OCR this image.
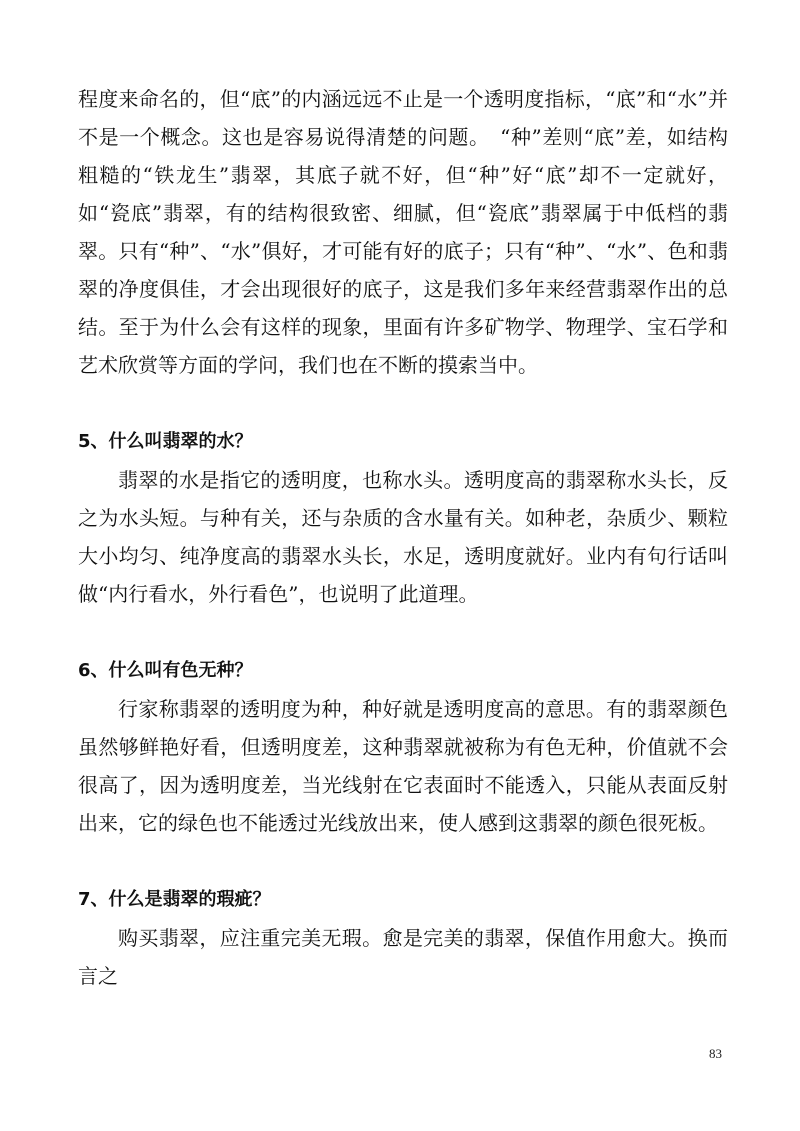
程度来命名的，但“底”的内涵远远不止是一个透明度指标，“底”和“水”并不是一个概念。这也是容易说得清楚的问题。　“种”差则“底”差，如结构粗糙的“铁龙生”翡翠，其底子就不好，但“种”好“底”却不一定就好，如“瓷底”翡翠，有的结构很致密、细腻，但“瓷底”翡翠属于中低档的翡翠。只有“种”、“水”俱好，才可能有好的底子；只有“种”、“水”、色和翡翠的净度俱佳，才会出现很好的底子，这是我们多年来经营翡翠作出的总结。至于为什么会有这样的现象，里面有许多矿物学、物理学、宝石学和艺术欣赏等方面的学问，我们也在不断的摸索当中。

5、什么叫翡翠的水？

翡翠的水是指它的透明度，也称水头。透明度高的翡翠称水头长，反之为水头短。与种有关，还与杂质的含水量有关。如种老，杂质少、颗粒大小均匀、纯净度高的翡翠水头长，水足，透明度就好。业内有句行话叫做“内行看水，外行看色”，也说明了此道理。

6、什么叫有色无种？

行家称翡翠的透明度为种，种好就是透明度高的意思。有的翡翠颜色虽然够鲜艳好看，但透明度差，这种翡翠就被称为有色无种，价值就不会很高了，因为透明度差，当光线射在它表面时不能透入，只能从表面反射出来，它的绿色也不能透过光线放出来，使人感到这翡翠的颜色很死板。

7、什么是翡翠的瑕疵？

购买翡翠，应注重完美无瑕。愈是完美的翡翠，保值作用愈大。换而言之

83
